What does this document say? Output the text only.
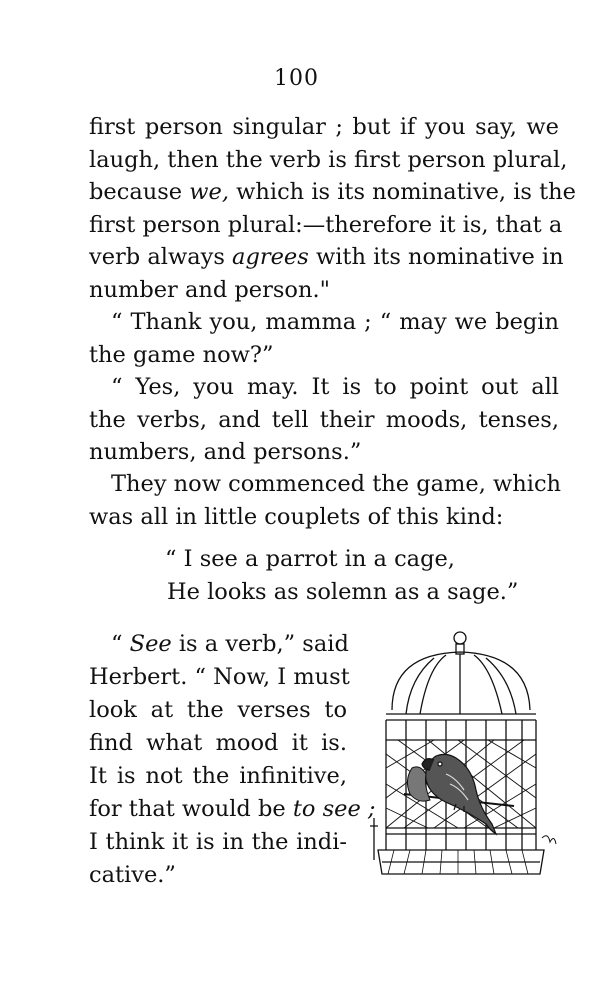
100
first person singular ; but if you say, we
laugh, then the verb is first person plural,
because we, which is its nominative, is the
first person plural:—therefore it is, that a
verb always agrees with its nominative in
number and person."
“ Thank you, mamma ; “ may we begin
the game now?”
“ Yes, you may. It is to point out all
the verbs, and tell their moods, tenses,
numbers, and persons.”
They now commenced the game, which
was all in little couplets of this kind:
“ I see a parrot in a cage,
He looks as solemn as a sage.”
“ See is a verb,” said
Herbert. “ Now, I must
look at the verses to
find what mood it is.
It is not the infinitive,
for that would be to see ;
I think it is in the indi-
cative.”
